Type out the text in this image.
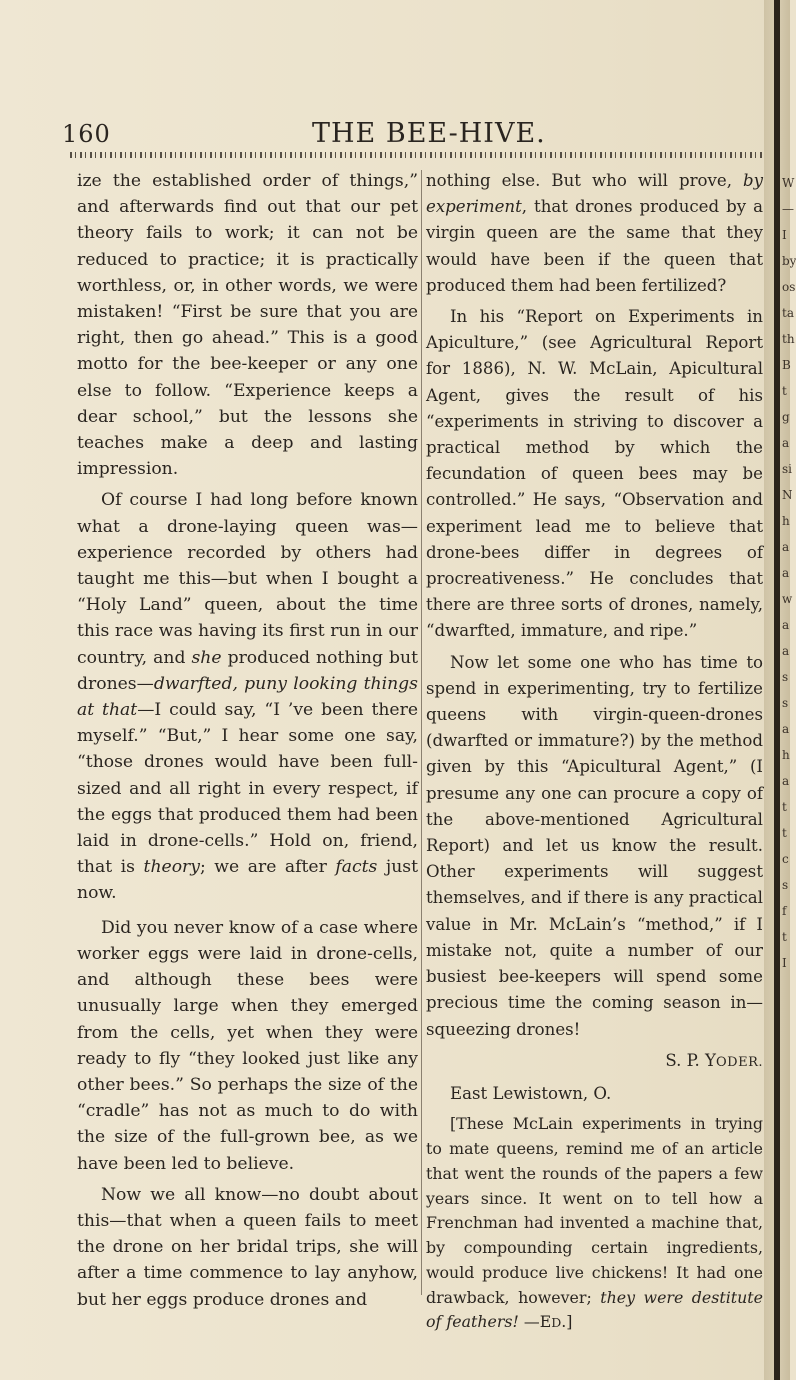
160	THE BEE-HIVE.

ize the established order of things,” and afterwards find out that our pet theory fails to work; it can not be reduced to practice; it is practically worthless, or, in other words, we were mistaken! “First be sure that you are right, then go ahead.” This is a good motto for the bee-keeper or any one else to follow. “Experience keeps a dear school,” but the lessons she teaches make a deep and lasting impression.

Of course I had long before known what a drone-laying queen was—experience recorded by others had taught me this—but when I bought a “Holy Land” queen, about the time this race was having its first run in our country, and she produced nothing but drones—dwarfted, puny looking things at that—I could say, “I ’ve been there myself.” “But,” I hear some one say, “those drones would have been full-sized and all right in every respect, if the eggs that produced them had been laid in drone-cells.” Hold on, friend, that is theory; we are after facts just now.

Did you never know of a case where worker eggs were laid in drone-cells, and although these bees were unusually large when they emerged from the cells, yet when they were ready to fly “they looked just like any other bees.” So perhaps the size of the “cradle” has not as much to do with the size of the full-grown bee, as we have been led to believe.

Now we all know—no doubt about this—that when a queen fails to meet the drone on her bridal trips, she will after a time commence to lay anyhow, but her eggs produce drones and

nothing else. But who will prove, by experiment, that drones produced by a virgin queen are the same that they would have been if the queen that produced them had been fertilized?

In his “Report on Experiments in Apiculture,” (see Agricultural Report for 1886), N. W. McLain, Apicultural Agent, gives the result of his “experiments in striving to discover a practical method by which the fecundation of queen bees may be controlled.” He says, “Observation and experiment lead me to believe that drone-bees differ in degrees of procreativeness.” He concludes that there are three sorts of drones, namely, “dwarfted, immature, and ripe.”

Now let some one who has time to spend in experimenting, try to fertilize queens with virgin-queen-drones (dwarfted or immature?) by the method given by this “Apicultural Agent,” (I presume any one can procure a copy of the above-mentioned Agricultural Report) and let us know the result. Other experiments will suggest themselves, and if there is any practical value in Mr. McLain’s “method,” if I mistake not, quite a number of our busiest bee-keepers will spend some precious time the coming season in—squeezing drones!

S. P. YODER.

East Lewistown, O.

[These McLain experiments in trying to mate queens, remind me of an article that went the rounds of the papers a few years since. It went on to tell how a Frenchman had invented a machine that, by compounding certain ingredients, would produce live chickens! It had one drawback, however; they were destitute of feathers! —ED.]

W — I by os ta th B t g a si N h a a w a a s s a h a t t c s f t I
